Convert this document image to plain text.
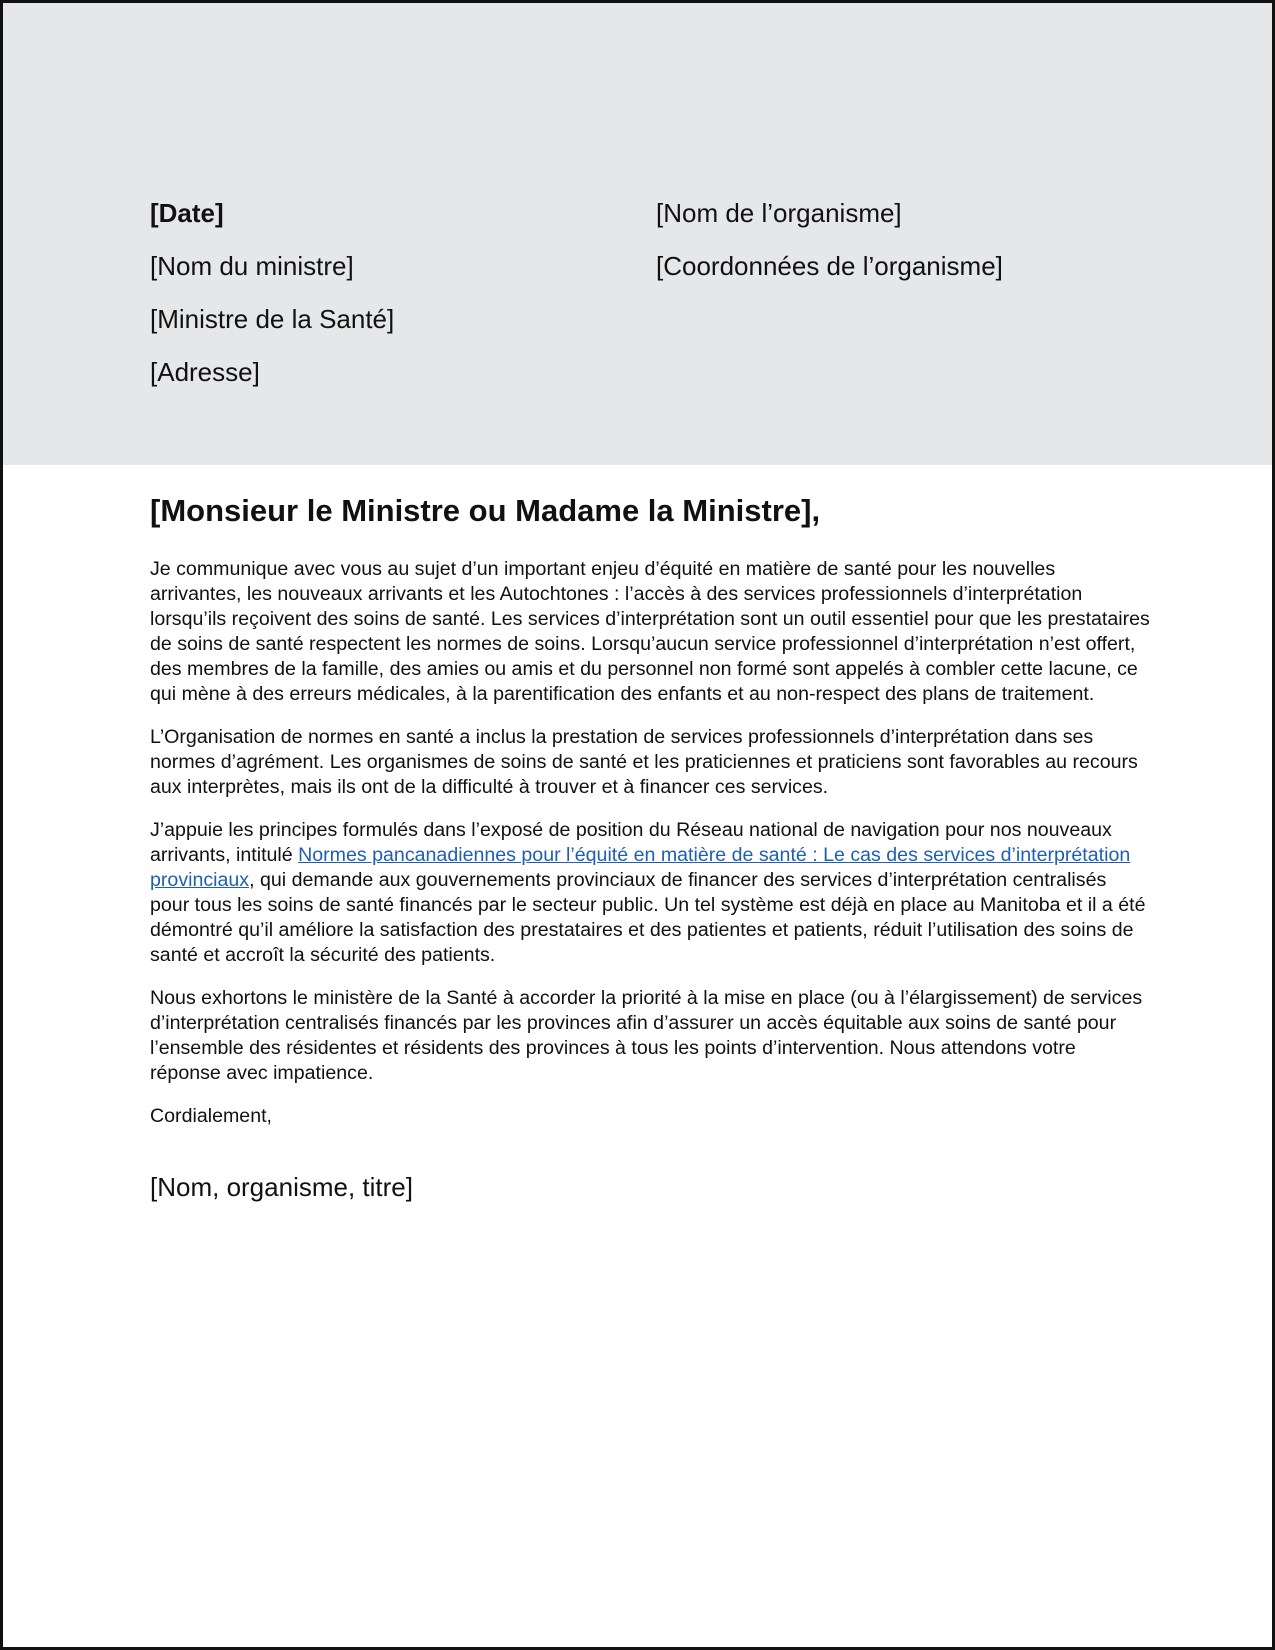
[Date]
[Nom du ministre]
[Ministre de la Santé]
[Adresse]
[Nom de l’organisme]
[Coordonnées de l’organisme]
[Monsieur le Ministre ou Madame la Ministre],

Je communique avec vous au sujet d’un important enjeu d’équité en matière de santé pour les nouvelles arrivantes, les nouveaux arrivants et les Autochtones : l’accès à des services professionnels d’interprétation lorsqu’ils reçoivent des soins de santé. Les services d’interprétation sont un outil essentiel pour que les prestataires de soins de santé respectent les normes de soins. Lorsqu’aucun service professionnel d’interprétation n’est offert, des membres de la famille, des amies ou amis et du personnel non formé sont appelés à combler cette lacune, ce qui mène à des erreurs médicales, à la parentification des enfants et au non-respect des plans de traitement.

L’Organisation de normes en santé a inclus la prestation de services professionnels d’interprétation dans ses normes d’agrément. Les organismes de soins de santé et les praticiennes et praticiens sont favorables au recours aux interprètes, mais ils ont de la difficulté à trouver et à financer ces services.

J’appuie les principes formulés dans l’exposé de position du Réseau national de navigation pour nos nouveaux arrivants, intitulé Normes pancanadiennes pour l’équité en matière de santé : Le cas des services d’interprétation provinciaux, qui demande aux gouvernements provinciaux de financer des services d’interprétation centralisés pour tous les soins de santé financés par le secteur public. Un tel système est déjà en place au Manitoba et il a été démontré qu’il améliore la satisfaction des prestataires et des patientes et patients, réduit l’utilisation des soins de santé et accroît la sécurité des patients.

Nous exhortons le ministère de la Santé à accorder la priorité à la mise en place (ou à l’élargissement) de services d’interprétation centralisés financés par les provinces afin d’assurer un accès équitable aux soins de santé pour l’ensemble des résidentes et résidents des provinces à tous les points d’intervention. Nous attendons votre réponse avec impatience.

Cordialement,

[Nom, organisme, titre]
